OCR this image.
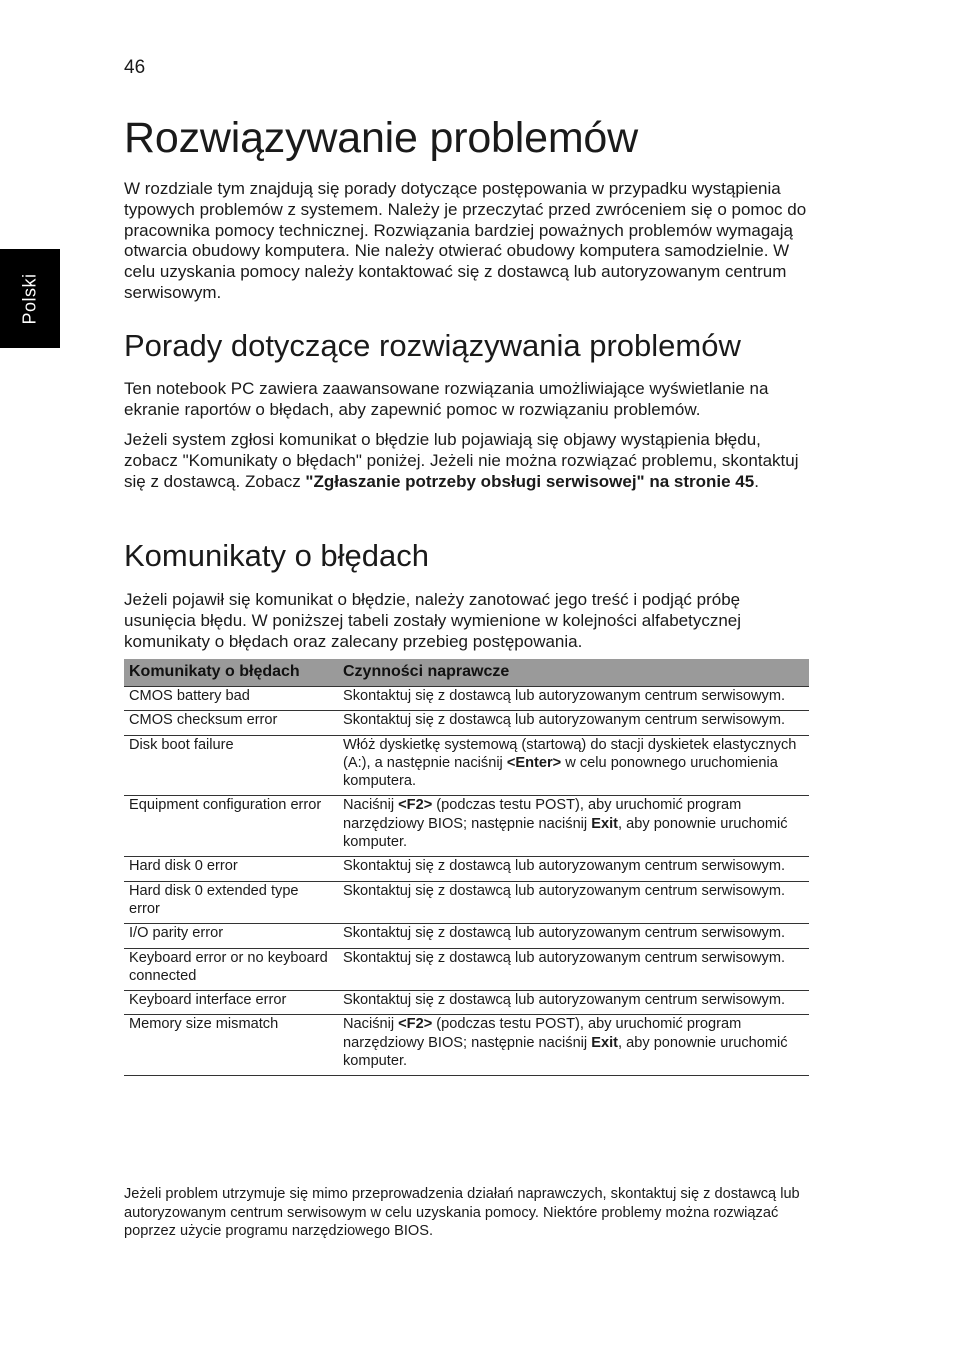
46
Polski
Rozwiązywanie problemów

W rozdziale tym znajdują się porady dotyczące postępowania w przypadku wystąpienia typowych problemów z systemem. Należy je przeczytać przed zwróceniem się o pomoc do pracownika pomocy technicznej. Rozwiązania bardziej poważnych problemów wymagają otwarcia obudowy komputera. Nie należy otwierać obudowy komputera samodzielnie. W celu uzyskania pomocy należy kontaktować się z dostawcą lub autoryzowanym centrum serwisowym.

Porady dotyczące rozwiązywania problemów

Ten notebook PC zawiera zaawansowane rozwiązania umożliwiające wyświetlanie na ekranie raportów o błędach, aby zapewnić pomoc w rozwiązaniu problemów.

Jeżeli system zgłosi komunikat o błędzie lub pojawiają się objawy wystąpienia błędu, zobacz "Komunikaty o błędach" poniżej. Jeżeli nie można rozwiązać problemu, skontaktuj się z dostawcą. Zobacz "Zgłaszanie potrzeby obsługi serwisowej" na stronie 45.

Komunikaty o błędach

Jeżeli pojawił się komunikat o błędzie, należy zanotować jego treść i podjąć próbę usunięcia błędu. W poniższej tabeli zostały wymienione w kolejności alfabetycznej komunikaty o błędach oraz zalecany przebieg postępowania.

Komunikaty o błędach	Czynności naprawcze
CMOS battery bad	Skontaktuj się z dostawcą lub autoryzowanym centrum serwisowym.
CMOS checksum error	Skontaktuj się z dostawcą lub autoryzowanym centrum serwisowym.
Disk boot failure	Włóż dyskietkę systemową (startową) do stacji dyskietek elastycznych (A:), a następnie naciśnij <Enter> w celu ponownego uruchomienia komputera.
Equipment configuration error	Naciśnij <F2> (podczas testu POST), aby uruchomić program narzędziowy BIOS; następnie naciśnij Exit, aby ponownie uruchomić komputer.
Hard disk 0 error	Skontaktuj się z dostawcą lub autoryzowanym centrum serwisowym.
Hard disk 0 extended type error	Skontaktuj się z dostawcą lub autoryzowanym centrum serwisowym.
I/O parity error	Skontaktuj się z dostawcą lub autoryzowanym centrum serwisowym.
Keyboard error or no keyboard connected	Skontaktuj się z dostawcą lub autoryzowanym centrum serwisowym.
Keyboard interface error	Skontaktuj się z dostawcą lub autoryzowanym centrum serwisowym.
Memory size mismatch	Naciśnij <F2> (podczas testu POST), aby uruchomić program narzędziowy BIOS; następnie naciśnij Exit, aby ponownie uruchomić komputer.

Jeżeli problem utrzymuje się mimo przeprowadzenia działań naprawczych, skontaktuj się z dostawcą lub autoryzowanym centrum serwisowym w celu uzyskania pomocy. Niektóre problemy można rozwiązać poprzez użycie programu narzędziowego BIOS.
